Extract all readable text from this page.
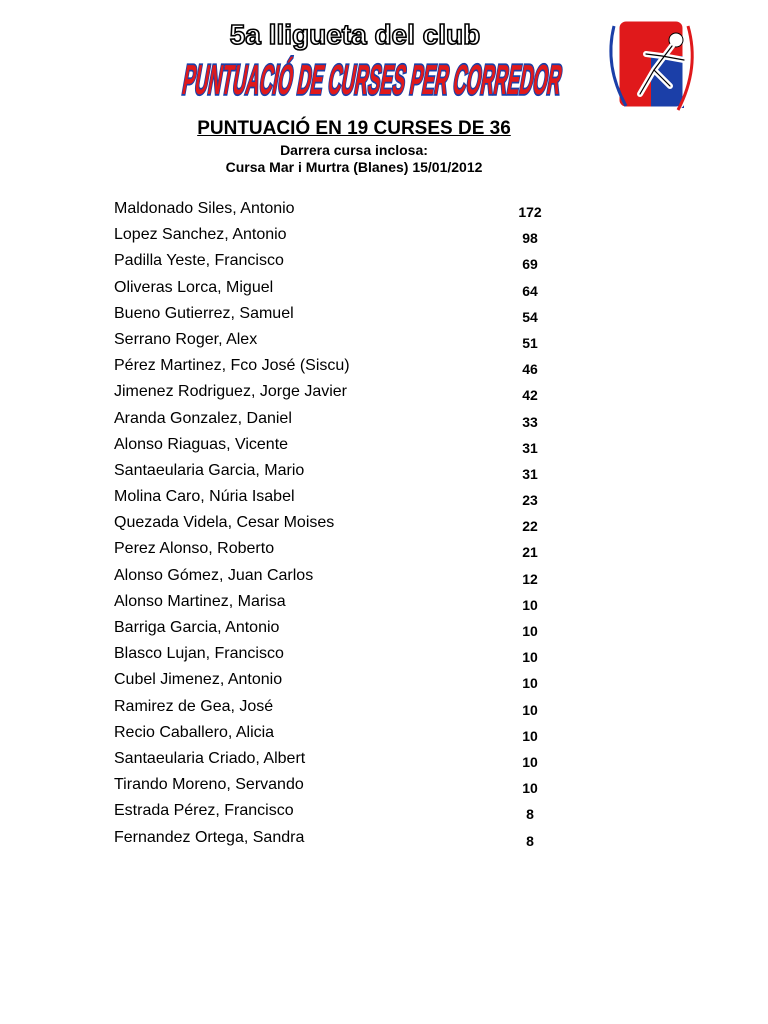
5a lligueta del club
PUNTUACIÓ DE CURSES PER CORREDOR
PUNTUACIÓ EN 19 CURSES DE 36
Darrera cursa inclosa:
Cursa Mar i Murtra (Blanes) 15/01/2012
Maldonado Siles, Antonio	172
Lopez Sanchez, Antonio	98
Padilla Yeste, Francisco	69
Oliveras Lorca, Miguel	64
Bueno Gutierrez, Samuel	54
Serrano Roger, Alex	51
Pérez Martinez, Fco José (Siscu)	46
Jimenez Rodriguez, Jorge Javier	42
Aranda Gonzalez, Daniel	33
Alonso Riaguas, Vicente	31
Santaeularia Garcia, Mario	31
Molina Caro, Núria Isabel	23
Quezada Videla, Cesar Moises	22
Perez Alonso, Roberto	21
Alonso Gómez, Juan Carlos	12
Alonso Martinez, Marisa	10
Barriga Garcia, Antonio	10
Blasco Lujan, Francisco	10
Cubel Jimenez, Antonio	10
Ramirez de Gea, José	10
Recio Caballero, Alicia	10
Santaeularia Criado, Albert	10
Tirando Moreno, Servando	10
Estrada Pérez, Francisco	8
Fernandez Ortega, Sandra	8
